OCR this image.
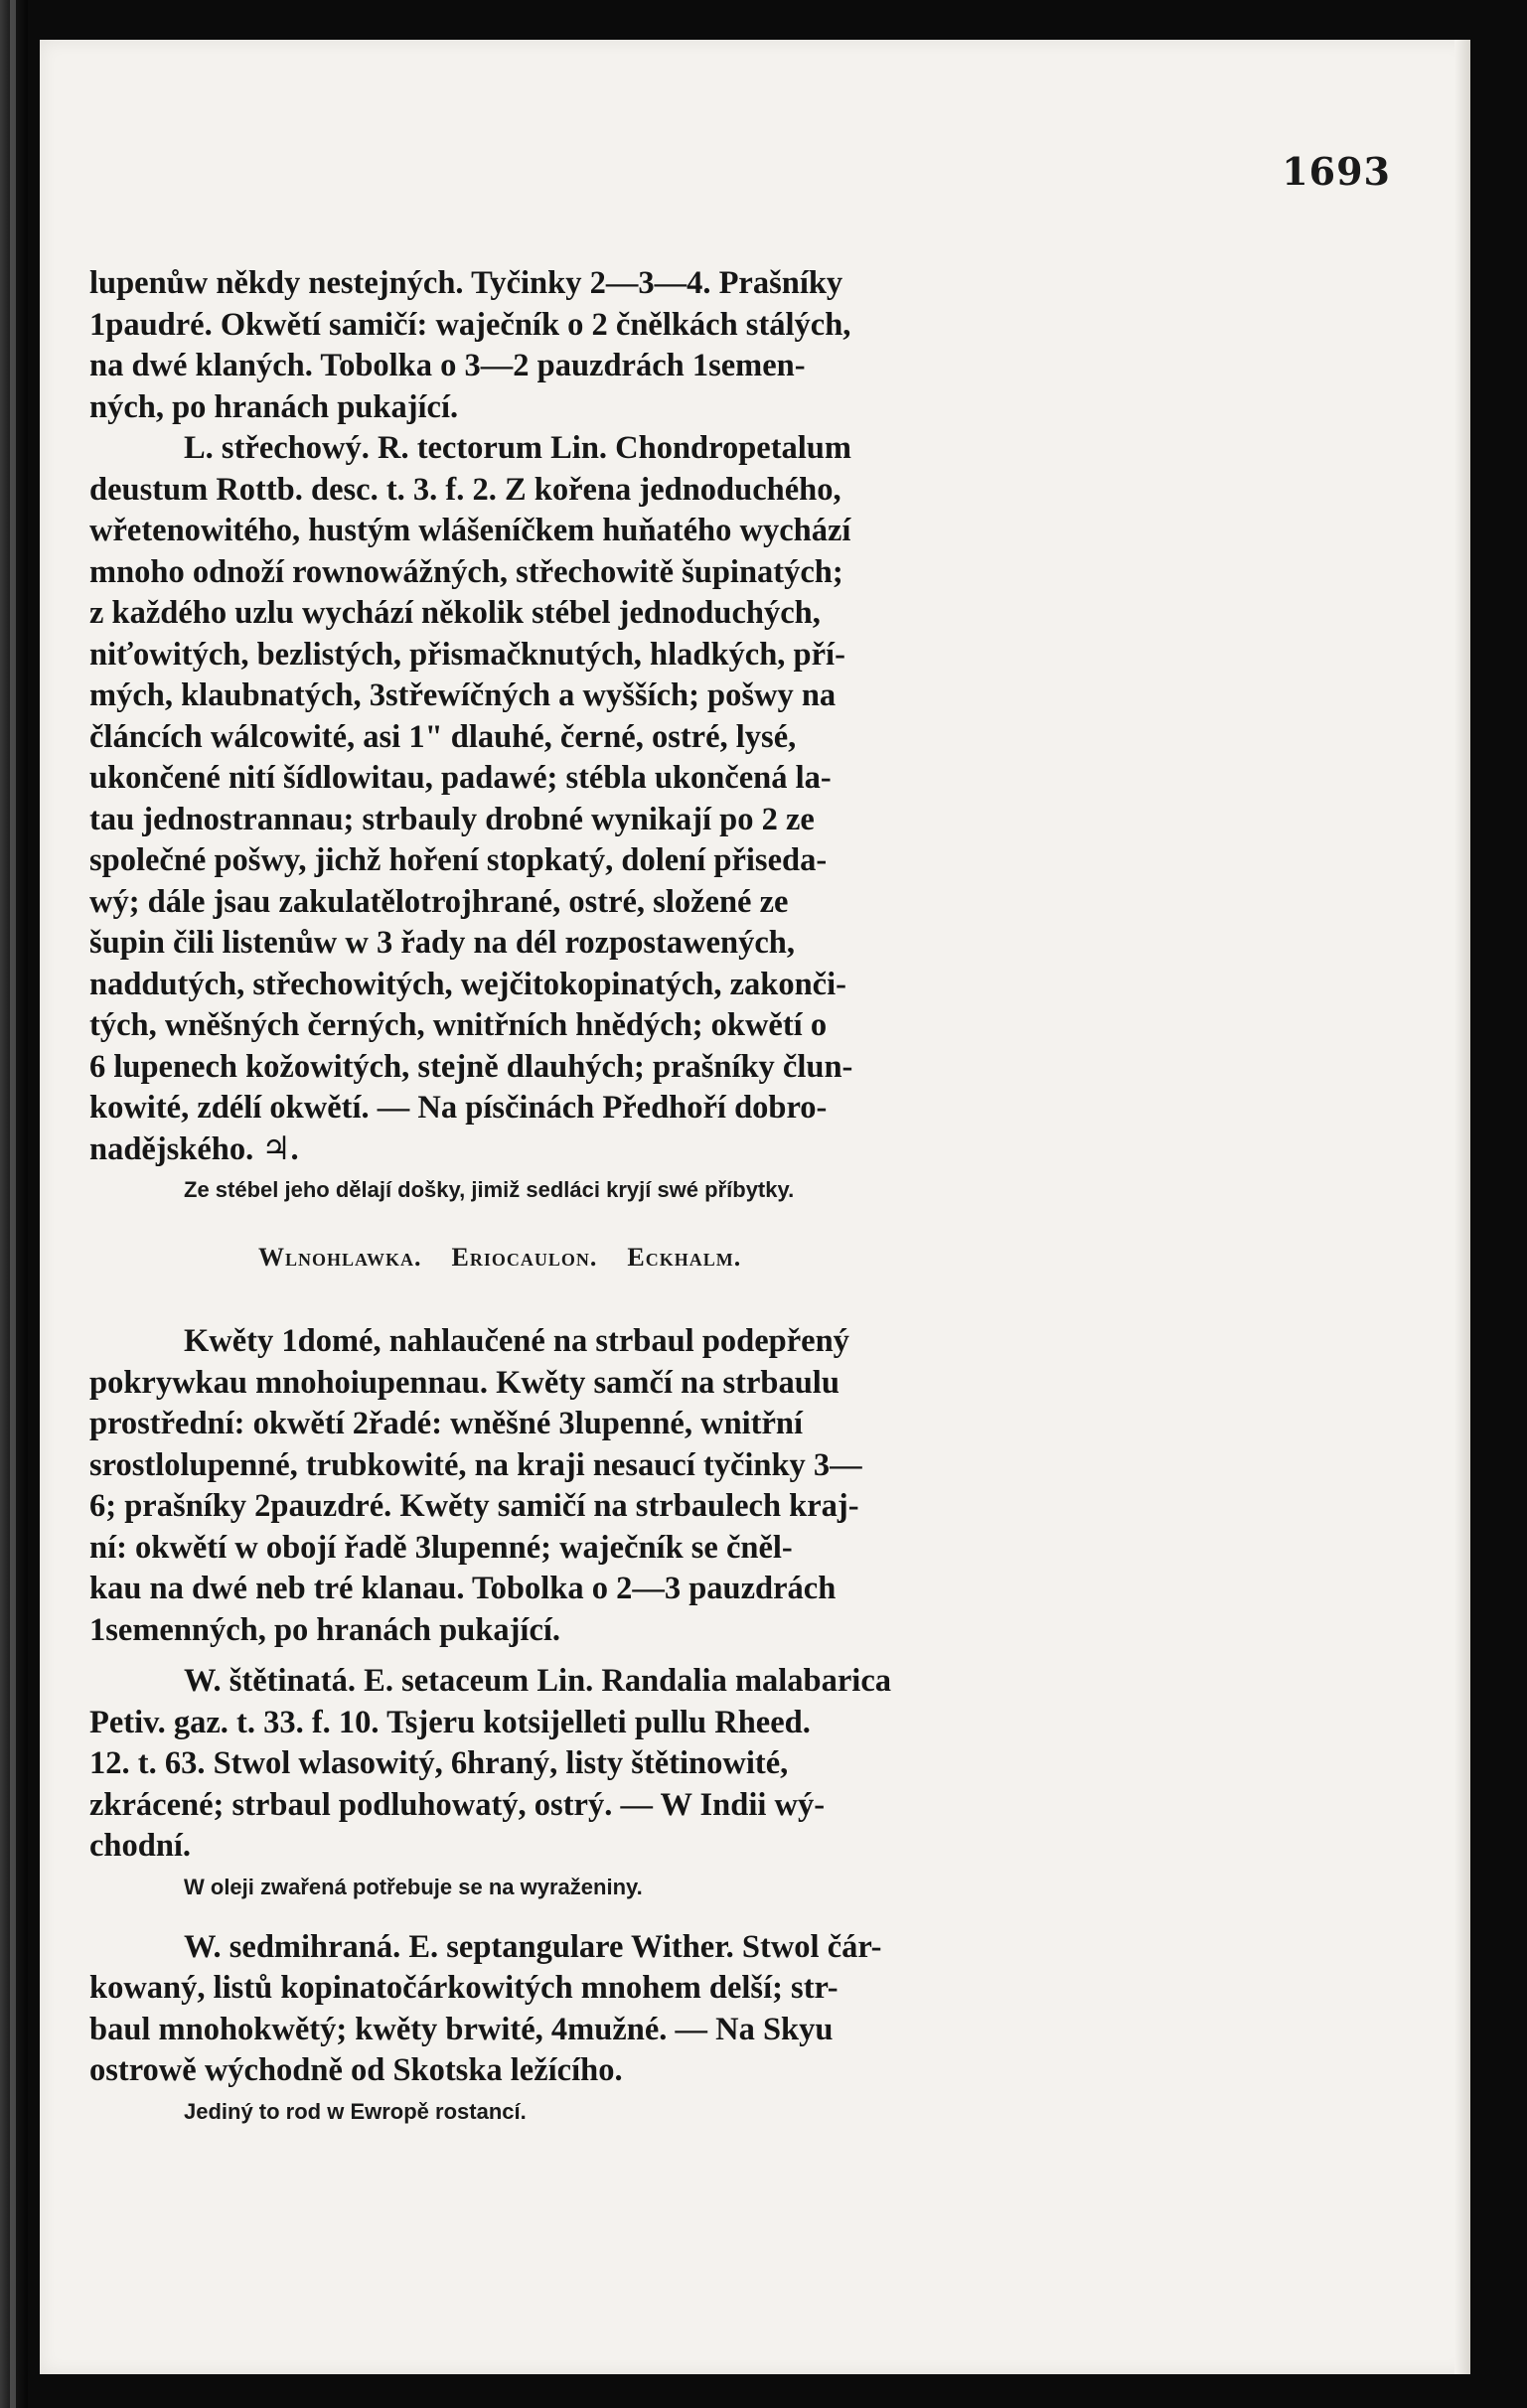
1693
lupenůw někdy nestejných. Tyčinky 2—3—4. Prašníky
1paudré. Okwětí samičí: waječník o 2 čnělkách stálých,
na dwé klaných. Tobolka o 3—2 pauzdrách 1semen-
ných, po hranách pukající.
L. střechowý. R. tectorum Lin. Chondropetalum
deustum Rottb. desc. t. 3. f. 2. Z kořena jednoduchého,
wřetenowitého, hustým wlášeníčkem huňatého wychází
mnoho odnoží rownowážných, střechowitě šupinatých;
z každého uzlu wychází několik stébel jednoduchých,
niťowitých, bezlistých, přismačknutých, hladkých, pří-
mých, klaubnatých, 3střewíčných a wyšších; pošwy na
článcích wálcowité, asi 1" dlauhé, černé, ostré, lysé,
ukončené nití šídlowitau, padawé; stébla ukončená la-
tau jednostrannau; strbauly drobné wynikají po 2 ze
společné pošwy, jichž hoření stopkatý, dolení přiseda-
wý; dále jsau zakulatělotrojhrané, ostré, složené ze
šupin čili listenůw w 3 řady na dél rozpostawených,
naddutých, střechowitých, wejčitokopinatých, zakonči-
tých, wněšných černých, wnitřních hnědých; okwětí o
6 lupenech kožowitých, stejně dlauhých; prašníky člun-
kowité, zdélí okwětí. — Na písčinách Předhoří dobro-
nadějského. ♃.
Ze stébel jeho dělají došky, jimiž sedláci kryjí swé příbytky.
Wlnohlawka. Eriocaulon. Eckhalm.
Kwěty 1domé, nahlaučené na strbaul podepřený
pokrywkau mnohoiupennau. Kwěty samčí na strbaulu
prostřední: okwětí 2řadé: wněšné 3lupenné, wnitřní
srostlolupenné, trubkowité, na kraji nesaucí tyčinky 3—
6; prašníky 2pauzdré. Kwěty samičí na strbaulech kraj-
ní: okwětí w obojí řadě 3lupenné; waječník se čněl-
kau na dwé neb tré klanau. Tobolka o 2—3 pauzdrách
1semenných, po hranách pukající.
W. štětinatá. E. setaceum Lin. Randalia malabarica
Petiv. gaz. t. 33. f. 10. Tsjeru kotsijelleti pullu Rheed.
12. t. 63. Stwol wlasowitý, 6hraný, listy štětinowité,
zkrácené; strbaul podluhowatý, ostrý. — W Indii wý-
chodní.
W oleji zwařená potřebuje se na wyraženiny.
W. sedmihraná. E. septangulare Wither. Stwol čár-
kowaný, listů kopinatočárkowitých mnohem delší; str-
baul mnohokwětý; kwěty brwité, 4mužné. — Na Skyu
ostrowě wýchodně od Skotska ležícího.
Jediný to rod w Ewropě rostancí.
